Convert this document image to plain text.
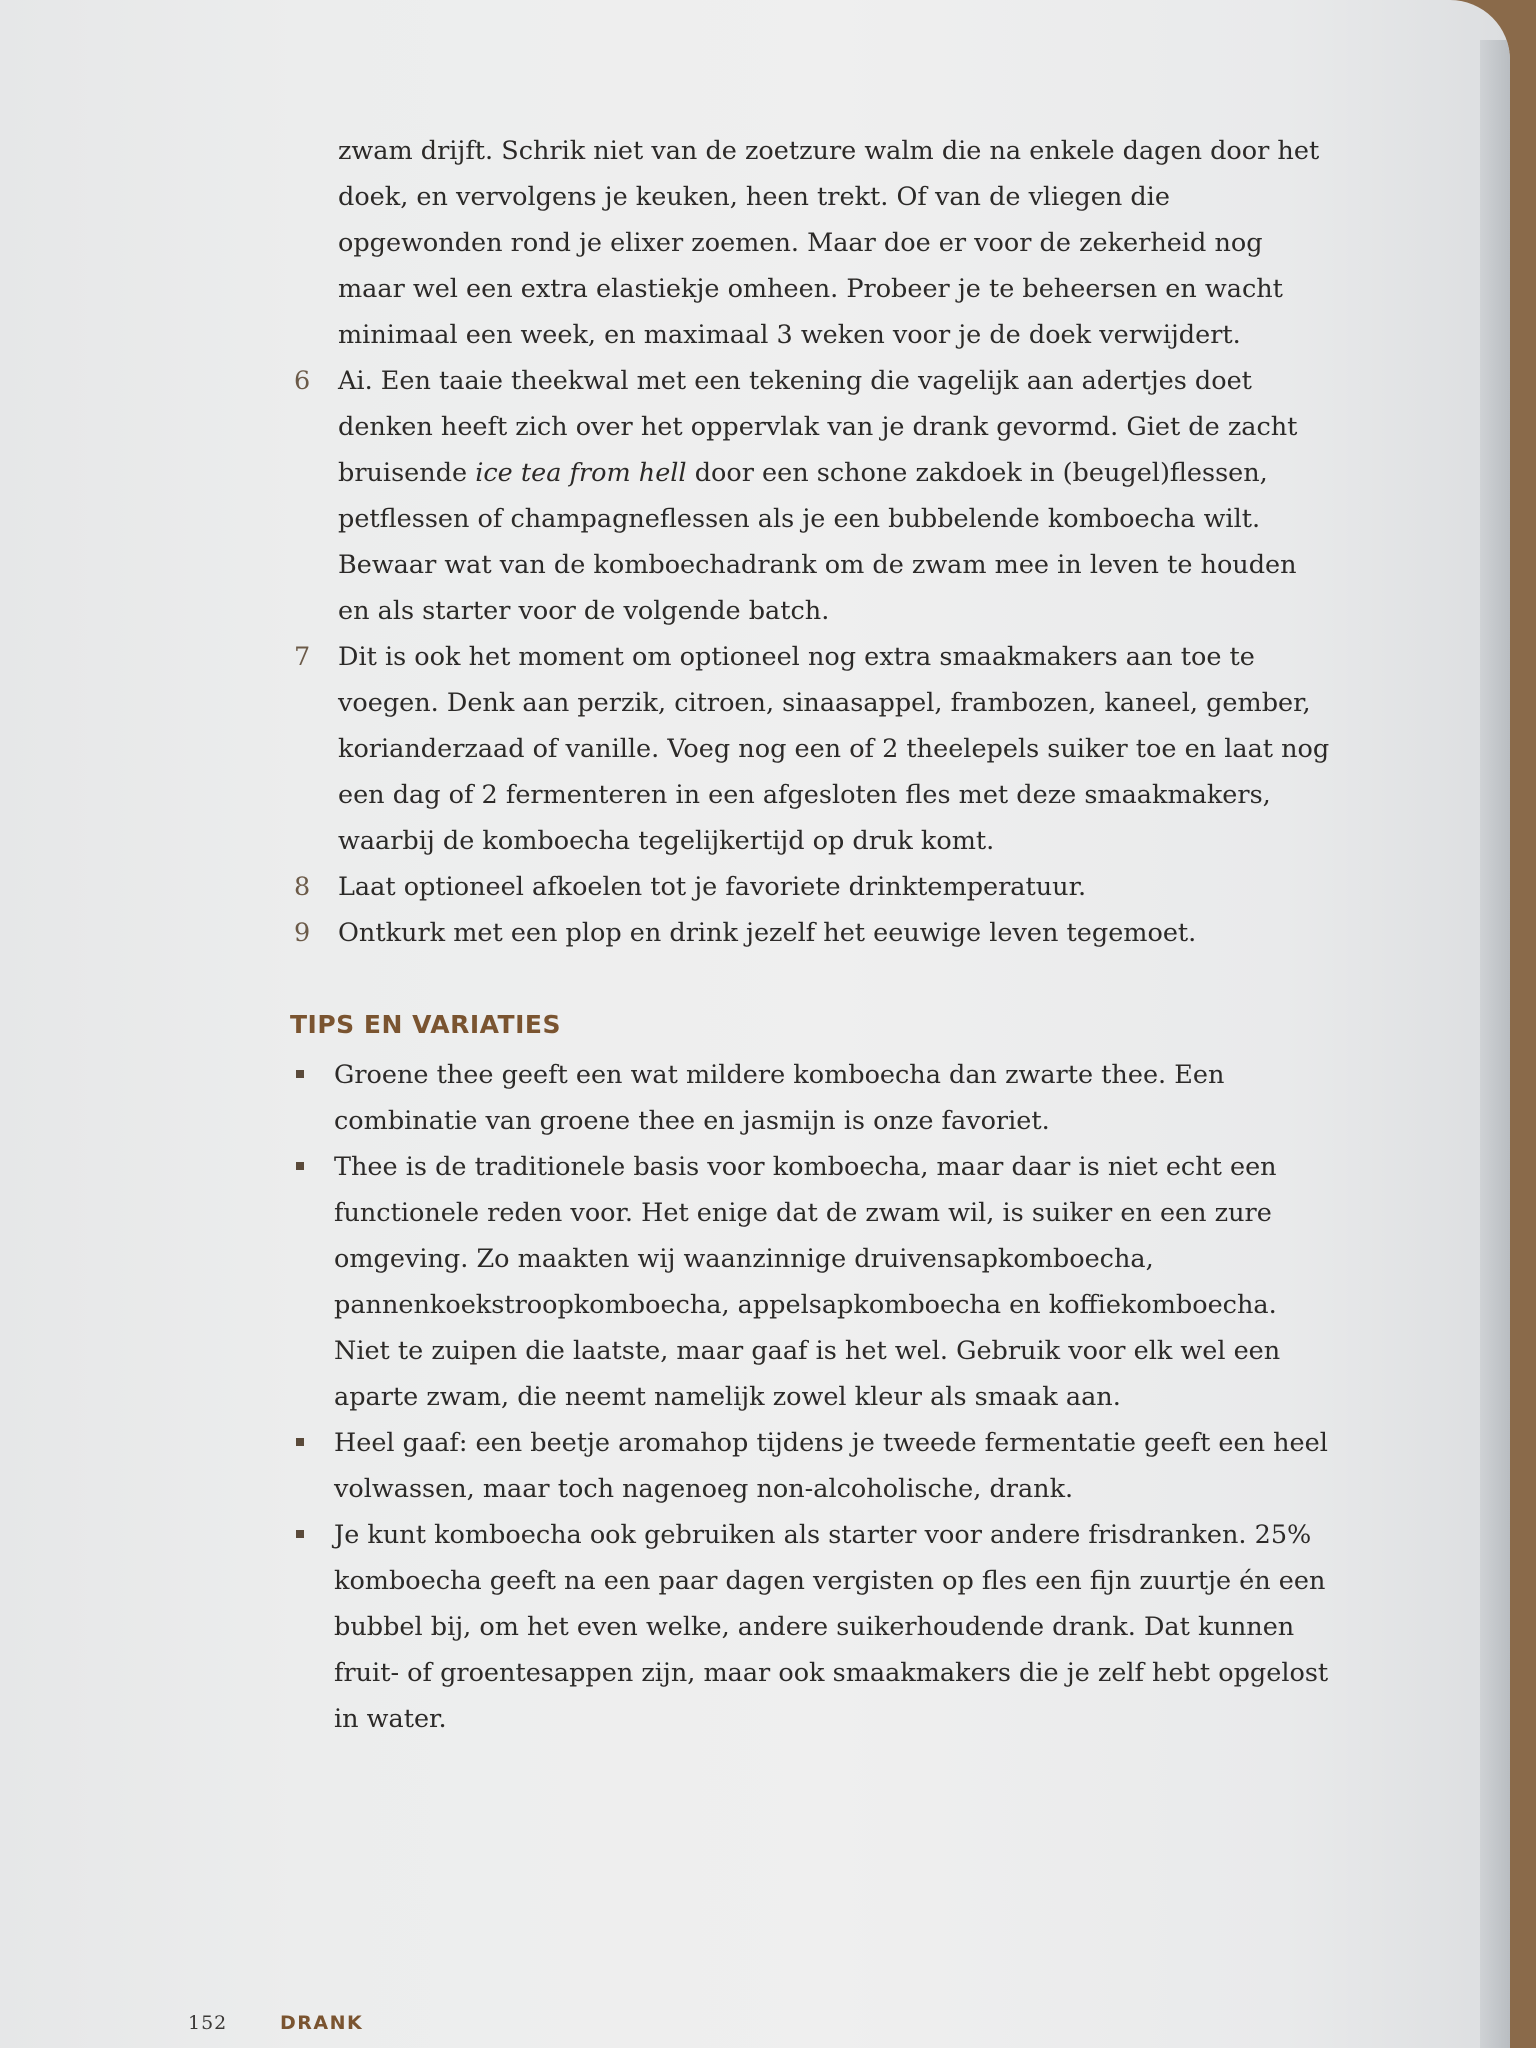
zwam drijft. Schrik niet van de zoetzure walm die na enkele dagen door het doek, en vervolgens je keuken, heen trekt. Of van de vliegen die opgewonden rond je elixer zoemen. Maar doe er voor de zekerheid nog maar wel een extra elastiekje omheen. Probeer je te beheersen en wacht minimaal een week, en maximaal 3 weken voor je de doek verwijdert.

6 Ai. Een taaie theekwal met een tekening die vagelijk aan adertjes doet denken heeft zich over het oppervlak van je drank gevormd. Giet de zacht bruisende ice tea from hell door een schone zakdoek in (beugel)flessen, petflessen of champagneflessen als je een bubbelende komboecha wilt. Bewaar wat van de komboechadrank om de zwam mee in leven te houden en als starter voor de volgende batch.
7 Dit is ook het moment om optioneel nog extra smaakmakers aan toe te voegen. Denk aan perzik, citroen, sinaasappel, frambozen, kaneel, gember, korianderzaad of vanille. Voeg nog een of 2 theelepels suiker toe en laat nog een dag of 2 fermenteren in een afgesloten fles met deze smaakmakers, waarbij de komboecha tegelijkertijd op druk komt.
8 Laat optioneel afkoelen tot je favoriete drinktemperatuur.
9 Ontkurk met een plop en drink jezelf het eeuwige leven tegemoet.
TIPS EN VARIATIES
Groene thee geeft een wat mildere komboecha dan zwarte thee. Een combinatie van groene thee en jasmijn is onze favoriet.
Thee is de traditionele basis voor komboecha, maar daar is niet echt een functionele reden voor. Het enige dat de zwam wil, is suiker en een zure omgeving. Zo maakten wij waanzinnige druivensapkomboecha, pannenkoekstroopkomboecha, appelsapkomboecha en koffiekomboecha. Niet te zuipen die laatste, maar gaaf is het wel. Gebruik voor elk wel een aparte zwam, die neemt namelijk zowel kleur als smaak aan.
Heel gaaf: een beetje aromahop tijdens je tweede fermentatie geeft een heel volwassen, maar toch nagenoeg non-alcoholische, drank.
Je kunt komboecha ook gebruiken als starter voor andere frisdranken. 25% komboecha geeft na een paar dagen vergisten op fles een fijn zuurtje én een bubbel bij, om het even welke, andere suikerhoudende drank. Dat kunnen fruit- of groentesappen zijn, maar ook smaakmakers die je zelf hebt opgelost in water.
152	DRANK
